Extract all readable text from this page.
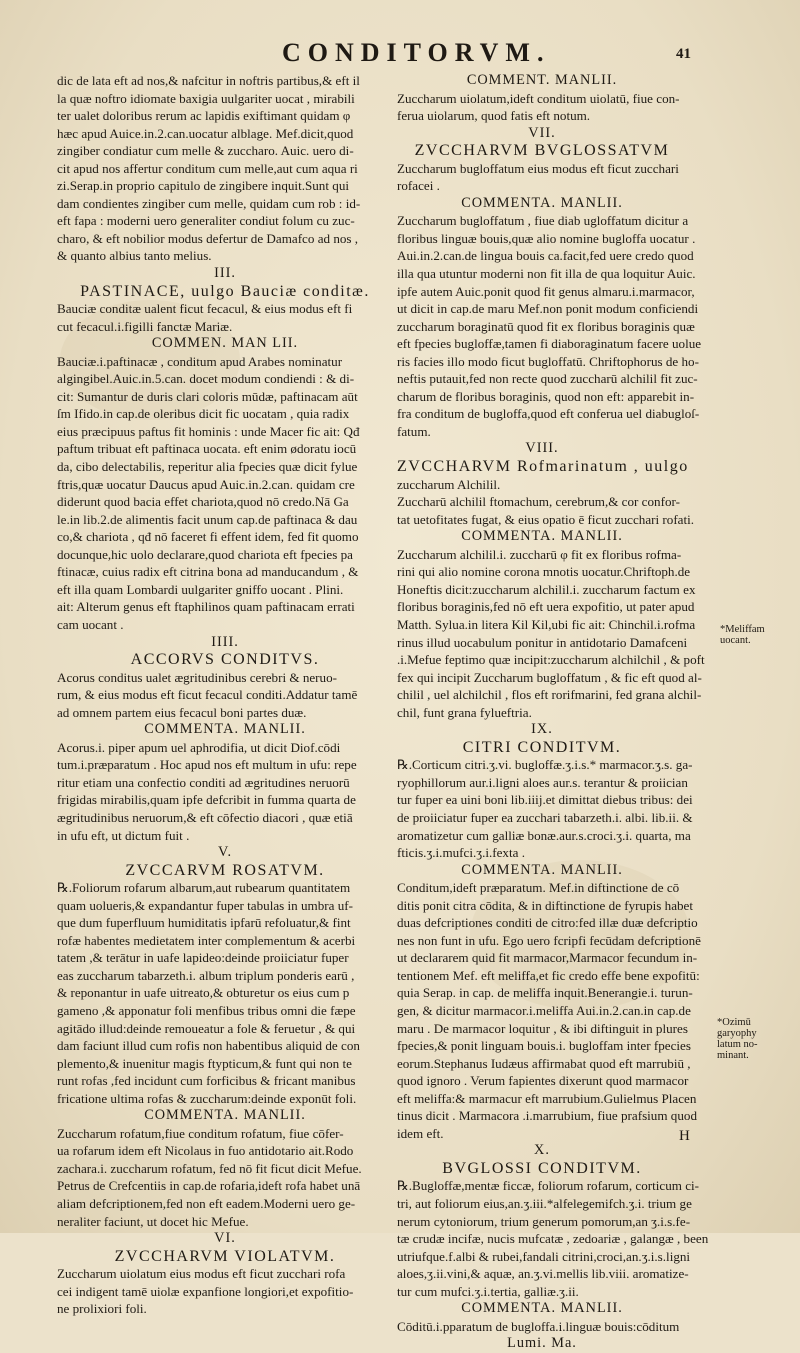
CONDITORVM.	41

dic de lata eft ad nos,& nafcitur in noftris partibus,& eft il

la quæ noftro idiomate baxigia uulgariter uocat , mirabili

ter ualet doloribus rerum ac lapidis exiftimant quidam φ

hæc apud Auice.in.2.can.uocatur alblage. Mef.dicit,quod

zingiber condiatur cum melle & zuccharo. Auic. uero di-

cit apud nos affertur conditum cum melle,aut cum aqua ri

zi.Serap.in proprio capitulo de zingibere inquit.Sunt qui

dam condientes zingiber cum melle, quidam cum rob : id-

eft fapa : moderni uero generaliter condiut folum cu zuc-

charo, & eft nobilior modus defertur de Damafco ad nos ,

& quanto albius tanto melius.

III.

PASTINACE, uulgo Bauciæ conditæ.

Bauciæ conditæ ualent ficut fecacul, & eius modus eft fi

cut fecacul.i.figilli fanctæ Mariæ.

COMMEN. MAN LII.

Bauciæ.i.paftinacæ , conditum apud Arabes nominatur

algingibel.Auic.in.5.can. docet modum condiendi : & di-

cit: Sumantur de duris clari coloris mūdæ, paftinacam aūt

ſm Ifido.in cap.de oleribus dicit fic uocatam , quia radix

eius præcipuus paftus fit hominis : unde Macer fic ait: Qđ

paftum tribuat eft paftinaca uocata. eft enim ødoratu iocū

da, cibo delectabilis, reperitur alia fpecies quæ dicit fylue

ftris,quæ uocatur Daucus apud Auic.in.2.can. quidam cre

diderunt quod bacia effet chariota,quod nō credo.Nā Ga

le.in lib.2.de alimentis facit unum cap.de paftinaca & dau

co,& chariota , qđ nō faceret fi effent idem, fed fit quomo

docunque,hic uolo declarare,quod chariota eft fpecies pa

ftinacæ, cuius radix eft citrina bona ad manducandum , &

eft illa quam Lombardi uulgariter gniffo uocant . Plini.

ait: Alterum genus eft ftaphilinos quam paftinacam errati

cam uocant .

IIII.

ACCORVS CONDITVS.

Acorus conditus ualet ægritudinibus cerebri & neruo-

rum, & eius modus eft ficut fecacul conditi.Addatur tamē

ad omnem partem eius fecacul boni partes duæ.

COMMENTA. MANLII.

Acorus.i. piper apum uel aphrodifia, ut dicit Diof.cōdi

tum.i.præparatum . Hoc apud nos eft multum in ufu: repe

ritur etiam una confectio conditi ad ægritudines neruorū

frigidas mirabilis,quam ipfe defcribit in fumma quarta de

ægritudinibus neruorum,& eft cōfectio diacori , quæ etiā

in ufu eft, ut dictum fuit .

V.

ZVCCARVM ROSATVM.

℞.Foliorum rofarum albarum,aut rubearum quantitatem

quam uolueris,& expandantur fuper tabulas in umbra uf-

que dum fuperfluum humiditatis ipfarū refoluatur,& fint

rofæ habentes medietatem inter complementum & acerbi

tatem ,& terātur in uafe lapideo:deinde proiiciatur fuper

eas zuccharum tabarzeth.i. album triplum ponderis earū ,

& reponantur in uafe uitreato,& obturetur os eius cum p

gameno ,& apponatur foli menfibus tribus omni die fæpe

agitādo illud:deinde remoueatur a fole & feruetur , & qui

dam faciunt illud cum rofis non habentibus aliquid de con

plemento,& inuenitur magis ftypticum,& funt qui non te

runt rofas ,fed incidunt cum forficibus & fricant manibus

fricatione ultima rofas & zuccharum:deinde exponūt foli.

COMMENTA. MANLII.

Zuccharum rofatum,fiue conditum rofatum, fiue cōfer-

ua rofarum idem eft Nicolaus in fuo antidotario ait.Rodo

zachara.i. zuccharum rofatum, fed nō fit ficut dicit Mefue.

Petrus de Crefcentiis in cap.de rofaria,ideft rofa habet unā

aliam defcriptionem,fed non eft eadem.Moderni uero ge-

neraliter faciunt, ut docet hic Mefue.

VI.

ZVCCHARVM VIOLATVM.

Zuccharum uiolatum eius modus eft ficut zucchari rofa

cei indigent tamē uiolæ expanfione longiori,et expofitio-

ne prolixiori foli.

COMMENT. MANLII.

Zuccharum uiolatum,ideft conditum uiolatū, fiue con-

ferua uiolarum, quod fatis eft notum.

VII.

ZVCCHARVM BVGLOSSATVM

Zuccharum bugloffatum eius modus eft ficut zucchari

rofacei .

COMMENTA. MANLII.

Zuccharum bugloffatum , fiue diab ugloffatum dicitur a

floribus linguæ bouis,quæ alio nomine bugloffa uocatur .

Aui.in.2.can.de lingua bouis ca.facit,fed uere credo quod

illa qua utuntur moderni non fit illa de qua loquitur Auic.

ipfe autem Auic.ponit quod fit genus almaru.i.marmacor,

ut dicit in cap.de maru Mef.non ponit modum conficiendi

zuccharum boraginatū quod fit ex floribus boraginis quæ

eft fpecies bugloffæ,tamen fi diaboraginatum facere uolue

ris facies illo modo ficut bugloffatū. Chriftophorus de ho-

neftis putauit,fed non recte quod zuccharū alchilil fit zuc-

charum de floribus boraginis, quod non eft: apparebit in-

fra conditum de bugloffa,quod eft conferua uel diabugloſ-

fatum.

VIII.

ZVCCHARVM Rofmarinatum , uulgo

zuccharum Alchilil.

Zuccharū alchilil ftomachum, cerebrum,& cor confor-

tat uetofitates fugat, & eius opatio ē ficut zucchari rofati.

COMMENTA. MANLII.

Zuccharum alchilil.i. zuccharū φ fit ex floribus rofma-

rini qui alio nomine corona mnotis uocatur.Chriftoph.de

Honeftis dicit:zuccharum alchilil.i. zuccharum factum ex

floribus boraginis,fed nō eft uera expofitio, ut pater apud

Matth. Sylua.in litera Kil Kil,ubi fic ait: Chinchil.i.rofma

rinus illud uocabulum ponitur in antidotario Damafceni

.i.Mefue feptimo quæ incipit:zuccharum alchilchil , & poft

fex qui incipit Zuccharum bugloffatum , & fic eft quod al-

chilil , uel alchilchil , flos eft rorifmarini, fed grana alchil-

chil, funt grana fylueftria.

IX.

CITRI CONDITVM.

℞.Corticum citri.ʒ.vi. bugloffæ.ʒ.i.s.* marmacor.ʒ.s. ga-

ryophillorum aur.i.ligni aloes aur.s. terantur & proiician

tur fuper ea uini boni lib.iiij.et dimittat diebus tribus: dei

de proiiciatur fuper ea zucchari tabarzeth.i. albi. lib.ii. &

aromatizetur cum galliæ bonæ.aur.s.croci.ʒ.i. quarta, ma

fticis.ʒ.i.mufci.ʒ.i.fexta .

COMMENTA. MANLII.

Conditum,ideft præparatum. Mef.in diftinctione de cō

ditis ponit citra cōdita, & in diftinctione de fyrupis habet

duas defcriptiones conditi de citro:fed illæ duæ defcriptio

nes non funt in ufu. Ego uero fcripfi fecūdam defcriptionē

ut declararem quid fit marmacor,Marmacor fecundum in-

tentionem Mef. eft meliffa,et fic credo effe bene expofitū:

quia Serap. in cap. de meliffa inquit.Benerangie.i. turun-

gen, & dicitur marmacor.i.meliffa Aui.in.2.can.in cap.de

maru . De marmacor loquitur , & ibi diftinguit in plures

fpecies,& ponit linguam bouis.i. bugloffam inter fpecies

eorum.Stephanus Iudæus affirmabat quod eft marrubiū ,

quod ignoro . Verum fapientes dixerunt quod marmacor

eft meliffa:& marmacur eft marrubium.Gulielmus Placen

tinus dicit . Marmacora .i.marrubium, fiue prafsium quod

idem eft.

X.

BVGLOSSI CONDITVM.

℞.Bugloffæ,mentæ ficcæ, foliorum rofarum, corticum ci-

tri, aut foliorum eius,an.ʒ.iii.*alfelegemifch.ʒ.i. trium ge

nerum cytoniorum, trium generum pomorum,an ʒ.i.s.fe-

tæ crudæ incifæ, nucis mufcatæ , zedoariæ , galangæ , been

utriufque.f.albi & rubei,fandali citrini,croci,an.ʒ.i.s.ligni

aloes,ʒ.ii.vini,& aquæ, an.ʒ.vi.mellis lib.viii. aromatize-

tur cum mufci.ʒ.i.tertia, galliæ.ʒ.ii.

COMMENTA. MANLII.

Cōditū.i.pparatum de bugloffa.i.linguæ bouis:cōditum

Lumi. Ma.

*Meliffam
uocant.
*Ozimū
garyophy
latum no-
minant.
H
